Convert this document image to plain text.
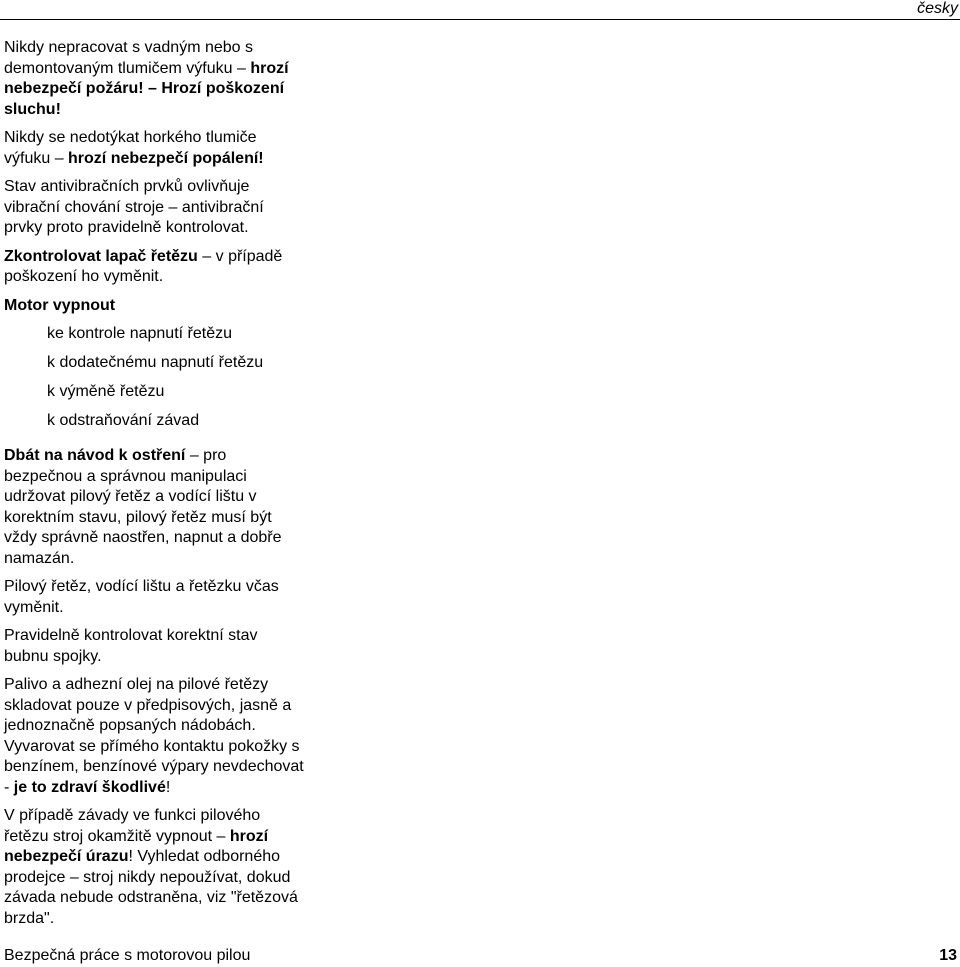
česky

Nikdy nepracovat s vadným nebo s demontovaným tlumičem výfuku – hrozí nebezpečí požáru! – Hrozí poškození sluchu!

Nikdy se nedotýkat horkého tlumiče výfuku – hrozí nebezpečí popálení!

Stav antivibračních prvků ovlivňuje vibrační chování stroje – antivibrační prvky proto pravidelně kontrolovat.

Zkontrolovat lapač řetězu – v případě poškození ho vyměnit.

Motor vypnout

ke kontrole napnutí řetězu
k dodatečnému napnutí řetězu
k výměně řetězu
k odstraňování závad

Dbát na návod k ostření – pro bezpečnou a správnou manipulaci udržovat pilový řetěz a vodící lištu v korektním stavu, pilový řetěz musí být vždy správně naostřen, napnut a dobře namazán.

Pilový řetěz, vodící lištu a řetězku včas vyměnit.

Pravidelně kontrolovat korektní stav bubnu spojky.

Palivo a adhezní olej na pilové řetězy skladovat pouze v předpisových, jasně a jednoznačně popsaných nádobách.

Vyvarovat se přímého kontaktu pokožky s benzínem, benzínové výpary nevdechovat - je to zdraví škodlivé!

V případě závady ve funkci pilového řetězu stroj okamžitě vypnout – hrozí nebezpečí úrazu! Vyhledat odborného prodejce – stroj nikdy nepoužívat, dokud závada nebude odstraněna, viz "řetězová brzda".

Bezpečná práce s motorovou pilou	13
